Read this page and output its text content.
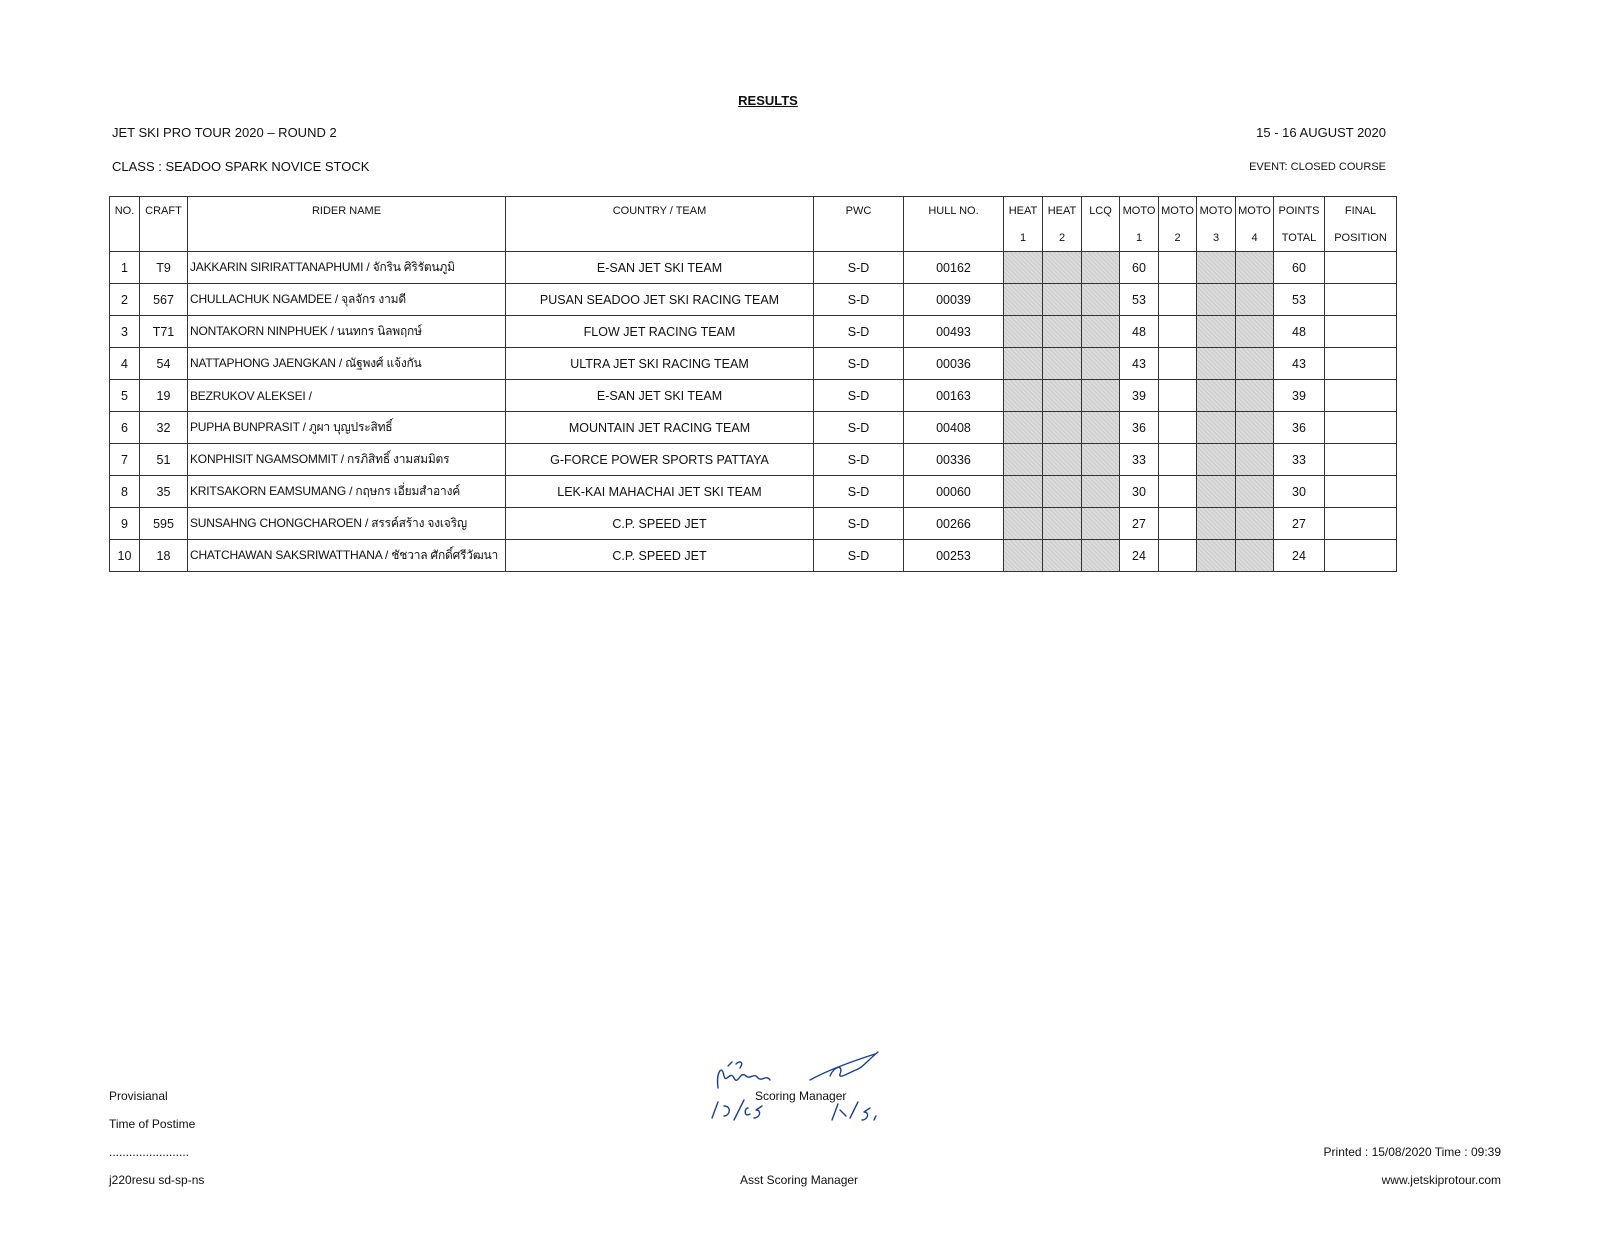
RESULTS
JET SKI PRO TOUR 2020 – ROUND 2	15 - 16 AUGUST 2020
CLASS : SEADOO SPARK NOVICE STOCK	EVENT: CLOSED COURSE
NO.	CRAFT	RIDER NAME	COUNTRY / TEAM	PWC	HULL NO.	HEAT	HEAT	LCQ	MOTO	MOTO	MOTO	MOTO	POINTS	FINAL
						1	2		1	2	3	4	TOTAL	POSITION
1	T9	JAKKARIN SIRIRATTANAPHUMI / จักริน ศิริรัตนภูมิ	E-SAN JET SKI TEAM	S-D	00162				60				60	
2	567	CHULLACHUK NGAMDEE / จุลจักร งามดี	PUSAN SEADOO JET SKI RACING TEAM	S-D	00039				53				53	
3	T71	NONTAKORN NINPHUEK / นนทกร นิลพฤกษ์	FLOW JET RACING TEAM	S-D	00493				48				48	
4	54	NATTAPHONG JAENGKAN / ณัฐพงศ์ แจ้งกัน	ULTRA JET SKI RACING TEAM	S-D	00036				43				43	
5	19	BEZRUKOV ALEKSEI /	E-SAN JET SKI TEAM	S-D	00163				39				39	
6	32	PUPHA BUNPRASIT / ภูผา บุญประสิทธิ์	MOUNTAIN JET RACING TEAM	S-D	00408				36				36	
7	51	KONPHISIT NGAMSOMMIT / กรภิสิทธิ์ งามสมมิตร	G-FORCE POWER SPORTS PATTAYA	S-D	00336				33				33	
8	35	KRITSAKORN EAMSUMANG / กฤษกร เอี่ยมสำอางค์	LEK-KAI MAHACHAI JET SKI TEAM	S-D	00060				30				30	
9	595	SUNSAHNG CHONGCHAROEN / สรรค์สร้าง จงเจริญ	C.P. SPEED JET	S-D	00266				27				27	
10	18	CHATCHAWAN SAKSRIWATTHANA / ชัชวาล ศักดิ์ศรีวัฒนา	C.P. SPEED JET	S-D	00253				24				24	
Scoring Manager
Provisianal
Time of Postime
........................
j220resu sd-sp-ns	Asst Scoring Manager
Printed : 15/08/2020 Time : 09:39
www.jetskiprotour.com
